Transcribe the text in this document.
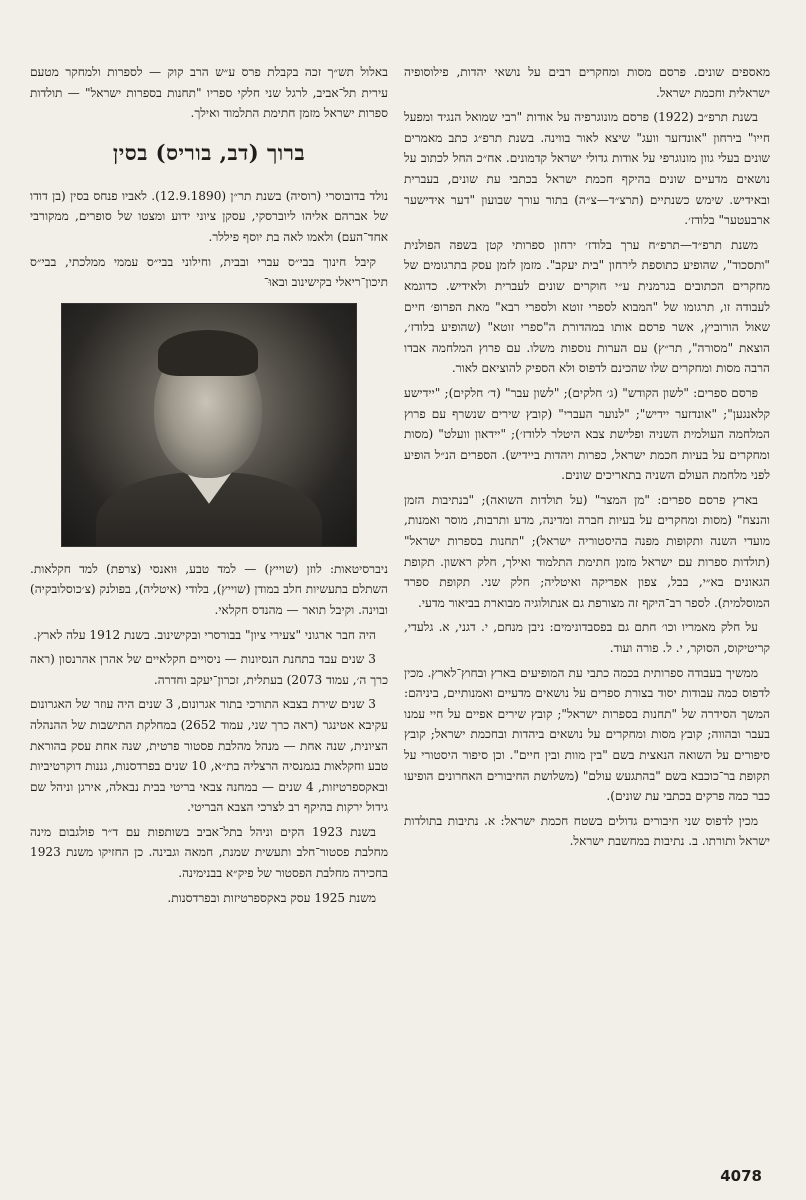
מאספים שונים. פרסם מסות ומחקרים רבים על נושאי יהדות, פילוסופיה ישראלית וחכמת ישראל.

בשנת תרפ״ב (1922) פרסם מונוגרפיה על אודות "רבי שמואל הנגיד ומפעל חייו" בירחון "אונדזער וועג" שיצא לאור בווינה. בשנת תרפ״ג כתב מאמרים שונים בעלי גוון מונוגרפי על אודות גדולי ישראל קדמונים. אח״כ החל לכתוב על נושאים מדעיים שונים בהיקף חכמת ישראל בכתבי עת שונים, בעברית ובאידיש. שימש כשנתיים (תרצ״ד—צ״ה) בתור עורך שבועון "דער אידישער ארבעטער" בלודז׳.

משנת תרפ״ד—תרפ״ח ערך בלודז׳ ירחון ספרותי קטן בשפה הפולנית "ותסכוד", שהופיע כתוספת לירחון "בית יעקב". מזמן לזמן עסק בתרגומים של מחקרים הכתובים בגרמנית ע״י חוקרים שונים לעברית ולאידיש. כדוגמא לעבודה זו, תרגומו של "המבוא לספרי זוטא ולספרי רבא" מאת הפרופ׳ חיים שאול הורוביץ, אשר פרסם אותו במהדורת ה"ספרי זוטא" (שהופיע בלודז׳, הוצאת "מסורה", תר״ץ) עם הערות נוספות משלו. עם פרוץ המלחמה אבדו הרבה מסות ומחקרים שלו שהכינם לדפוס ולא הספיק להוציאם לאור.

פרסם ספרים: "לשון הקודש" (ג׳ חלקים); "לשון עבר" (ד׳ חלקים); "יידישע קלאנגען"; "אונדזער יידיש"; "לנוער העברי" (קובץ שירים שנשרף עם פרוץ המלחמה העולמית השניה ופלישת צבא היטלר ללודז׳); "יידאון וועלט" (מסות ומחקרים על בעיות חכמת ישראל, כפרות ויהדות ביידיש). הספרים הנ״ל הופיע לפני מלחמת העולם השניה בתאריכים שונים.

בארץ פרסם ספרים: "מן המצר" (על תולדות השואה); "בנתיבות הזמן והנצח" (מסות ומחקרים על בעיות חברה ומדינה, מדע ותרבות, מוסר ואמנות, מועדי השנה ותקופות מפנה בהיסטוריה ישראל); "תחנות בספרות ישראל" (תולדות ספרות עם ישראל מזמן חתימת התלמוד ואילך, חלק ראשון. תקופת הגאונים בא״י, בבל, צפון אפריקה ואיטליה; חלק שני. תקופת ספרד המוסלמית). לספר רב־היקף זה מצורפת גם אנתולוגיה מבוארת בביאור מדעי.

על חלק מאמריו וכו׳ חתם גם בפסבדונימים: ניבן מנחם, י. דגני, א. גלעדי, קריטיקוס, הסוקר, י. ל. פורה ועוד.

ממשיך בעבודה ספרותית בכמה כתבי עת המופיעים בארץ ובחוץ־לארץ. מכין לדפוס כמה עבודות יסוד בצורת ספרים על נושאים מדעיים ואמנותיים, ביניהם: המשך הסידרה של "תחנות בספרות ישראל"; קובץ שירים אפיים על חיי עמנו בעבר ובהווה; קובץ מסות ומחקרים על נושאים ביהדות ובחכמת ישראל; קובץ סיפורים על השואה הנאצית בשם "בין מוות ובין חיים". וכן סיפור היסטורי על תקופת בר־כוכבא בשם "בהתגעש עולם" (משלושת החיבורים האחרונים הופיעו כבר כמה פרקים בכתבי עת שונים).

מכין לדפוס שני חיבורים גדולים בשטח חכמת ישראל: א. נתיבות בתולדות ישראל ותורתו. ב. נתיבות במחשבת ישראל.

באלול תש״ך זכה בקבלת פרס ע״ש הרב קוק — לספרות ולמחקר מטעם עירית תל־אביב, לרגל שני חלקי ספריו "תחנות בספרות ישראל" — תולדות ספרות ישראל מזמן חתימת התלמוד ואילך.

ברוך (דב, בוריס) בסין

נולד בדובוסרי (רוסיה) בשנת תר״ן (12.9.1890). לאביו פנחס בסין (בן דודו של אברהם אליהו ליוברסקי, עסקן ציוני ידוע ומצטו של סופרים, ממקורבי אחד־העם) ולאמו לאה בת יוסף פיללר.

קיבל חינוך בבי״ס עברי ובבית, וחילוני בבי״ס עממי ממלכתי, בבי״ס תיכון־ריאלי בקישינוב ובאוּ־

ניברסיטאות: לוזן (שוייץ) — למד טבע, וּואנסי (צרפת) למד חקלאות. השתלם בתעשיות חלב במודן (שוייץ), בלודי (איטליה), בפולנק (צ׳כוסלובקיה) ובוינה. וקיבל תואר — מהנדס חקלאי.

היה חבר ארגוני "צעירי ציון" בבורסרי ובקישינוב. בשנת 1912 עלה לארץ.

3 שנים עבד בתחנת הנסיונות — ניסויים חקלאיים של אהרן אהרנסון (ראה כרך ה׳, עמוד 2073) בעתלית, זכרון־יעקב וחדרה.

3 שנים שירת בצבא התורכי בתור אגרונום, 3 שנים היה עוזר של האגרונום עקיבא אטינגר (ראה כרך שני, עמוד 2652) במחלקת התישבות של ההנהלה הציונית, שנה אחת — מנהל מהלבת פסטור פרטית, שנה אחת עסק בהוראת טבע וחקלאות בגמנסיה הרצליה בת״א, 10 שנים בפרדסנות, גננות דוקרטיביות ובאקספרטיזות, 4 שנים — במחנה צבאי בריטי בבית נבאלה, אירגן וניהל שם גידול ירקות בהיקף רב לצרכי הצבא הבריטי.

בשנת 1923 הקים וניהל בתל־אביב בשותפות עם ד״ר פולגבום מינה מחלבת פסטור־חלב ותעשית שמנת, חמאה וגבינה. כן החזיקו משנת 1923 בחכירה מחלבת הפסטור של פיק״א בבנימינה.

משנת 1925 עסק באקספרטיזות ובפרדסנות.

4078
